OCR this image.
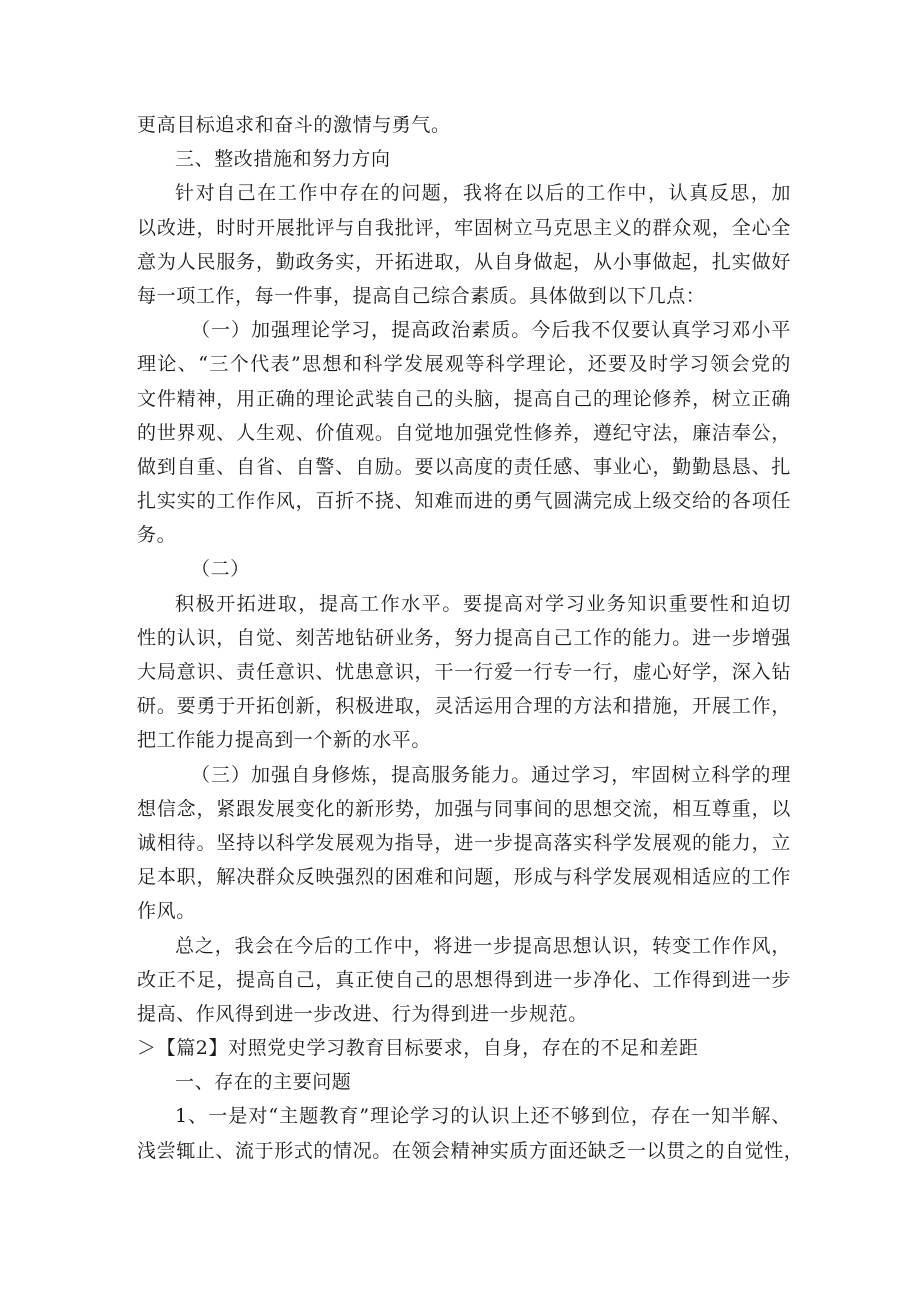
更高目标追求和奋斗的激情与勇气。
三、整改措施和努力方向
针对自己在工作中存在的问题，我将在以后的工作中，认真反思，加
以改进，时时开展批评与自我批评，牢固树立马克思主义的群众观，全心全
意为人民服务，勤政务实，开拓进取，从自身做起，从小事做起，扎实做好
每一项工作，每一件事，提高自己综合素质。具体做到以下几点：
（一）加强理论学习，提高政治素质。今后我不仅要认真学习邓小平
理论、“三个代表”思想和科学发展观等科学理论，还要及时学习领会党的
文件精神，用正确的理论武装自己的头脑，提高自己的理论修养，树立正确
的世界观、人生观、价值观。自觉地加强党性修养，遵纪守法，廉洁奉公，
做到自重、自省、自警、自励。要以高度的责任感、事业心，勤勤恳恳、扎
扎实实的工作作风，百折不挠、知难而进的勇气圆满完成上级交给的各项任
务。
（二）
积极开拓进取，提高工作水平。要提高对学习业务知识重要性和迫切
性的认识，自觉、刻苦地钻研业务，努力提高自己工作的能力。进一步增强
大局意识、责任意识、忧患意识，干一行爱一行专一行，虚心好学，深入钻
研。要勇于开拓创新，积极进取，灵活运用合理的方法和措施，开展工作，
把工作能力提高到一个新的水平。
（三）加强自身修炼，提高服务能力。通过学习，牢固树立科学的理
想信念，紧跟发展变化的新形势，加强与同事间的思想交流，相互尊重，以
诚相待。坚持以科学发展观为指导，进一步提高落实科学发展观的能力，立
足本职，解决群众反映强烈的困难和问题，形成与科学发展观相适应的工作
作风。
总之，我会在今后的工作中，将进一步提高思想认识，转变工作作风，
改正不足，提高自己，真正使自己的思想得到进一步净化、工作得到进一步
提高、作风得到进一步改进、行为得到进一步规范。
＞【篇2】对照党史学习教育目标要求，自身，存在的不足和差距
一、存在的主要问题
1、一是对“主题教育”理论学习的认识上还不够到位，存在一知半解、
浅尝辄止、流于形式的情况。在领会精神实质方面还缺乏一以贯之的自觉性，
